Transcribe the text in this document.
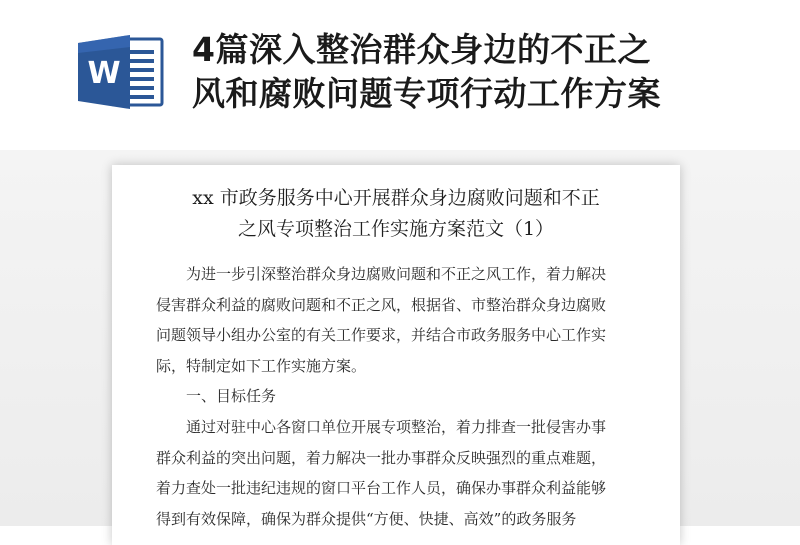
W
4篇深入整治群众身边的不正之
风和腐败问题专项行动工作方案
xx 市政务服务中心开展群众身边腐败问题和不正
之风专项整治工作实施方案范文（1）
　　为进一步引深整治群众身边腐败问题和不正之风工作，着力解决
侵害群众利益的腐败问题和不正之风，根据省、市整治群众身边腐败
问题领导小组办公室的有关工作要求，并结合市政务服务中心工作实
际，特制定如下工作实施方案。
　　一、目标任务
　　通过对驻中心各窗口单位开展专项整治，着力排查一批侵害办事
群众利益的突出问题，着力解决一批办事群众反映强烈的重点难题，
着力查处一批违纪违规的窗口平台工作人员，确保办事群众利益能够
得到有效保障，确保为群众提供“方便、快捷、高效”的政务服务
